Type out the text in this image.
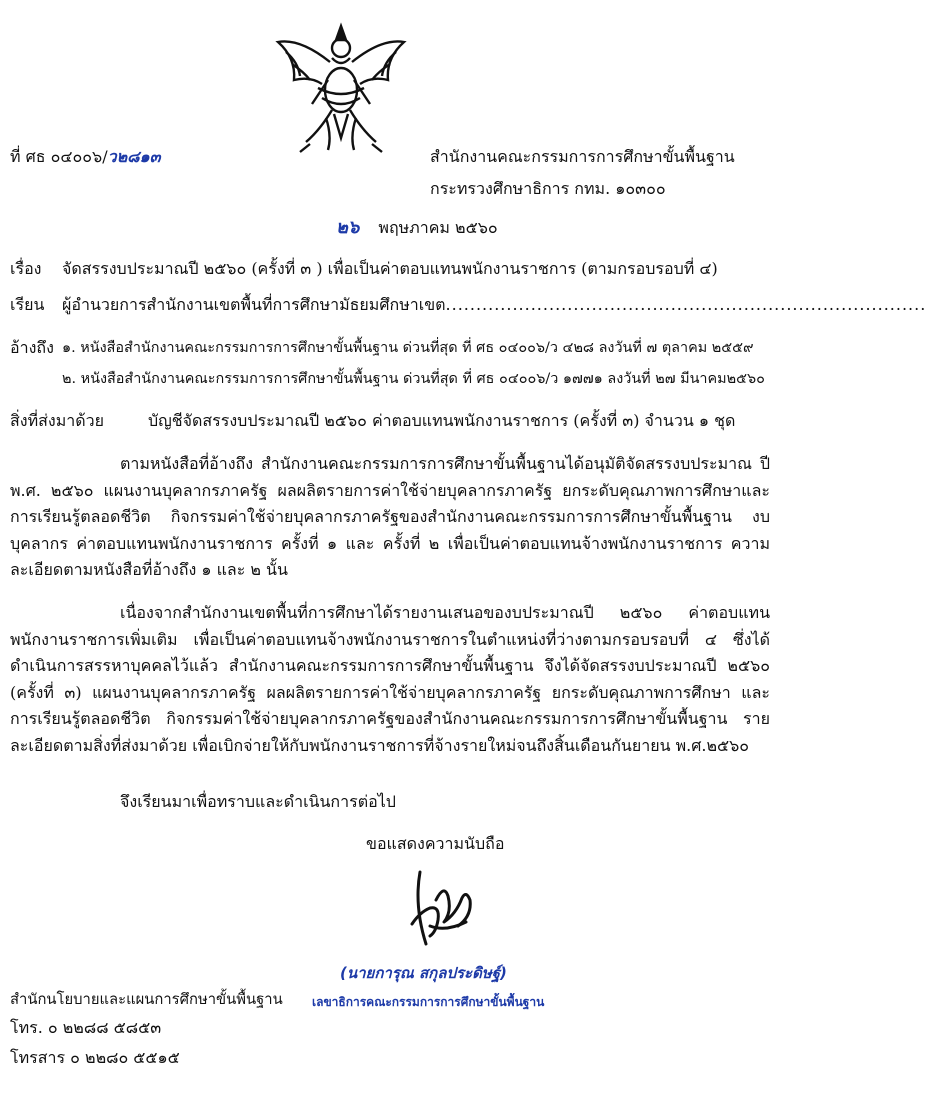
ที่ ศธ ๐๔๐๐๖/ว๒๘๑๓	สำนักงานคณะกรรมการการศึกษาขั้นพื้นฐาน
กระทรวงศึกษาธิการ กทม. ๑๐๓๐๐
๒๖ พฤษภาคม ๒๕๖๐
เรื่อง จัดสรรงบประมาณปี ๒๕๖๐ (ครั้งที่ ๓ ) เพื่อเป็นค่าตอบแทนพนักงานราชการ (ตามกรอบรอบที่ ๔)
เรียน ผู้อำนวยการสำนักงานเขตพื้นที่การศึกษามัธยมศึกษาเขต...............................................................................
อ้างถึง ๑. หนังสือสำนักงานคณะกรรมการการศึกษาขั้นพื้นฐาน ด่วนที่สุด ที่ ศธ ๐๔๐๐๖/ว ๔๒๘ ลงวันที่ ๗ ตุลาคม ๒๕๕๙
๒. หนังสือสำนักงานคณะกรรมการการศึกษาขั้นพื้นฐาน ด่วนที่สุด ที่ ศธ ๐๔๐๐๖/ว ๑๗๗๑ ลงวันที่ ๒๗ มีนาคม๒๕๖๐
สิ่งที่ส่งมาด้วย	บัญชีจัดสรรงบประมาณปี ๒๕๖๐ ค่าตอบแทนพนักงานราชการ (ครั้งที่ ๓) จำนวน ๑ ชุด
ตามหนังสือที่อ้างถึง สำนักงานคณะกรรมการการศึกษาขั้นพื้นฐานได้อนุมัติจัดสรรงบประมาณ ปี พ.ศ. ๒๕๖๐ แผนงานบุคลากรภาครัฐ ผลผลิตรายการค่าใช้จ่ายบุคลากรภาครัฐ ยกระดับคุณภาพการศึกษาและการเรียนรู้ตลอดชีวิต กิจกรรมค่าใช้จ่ายบุคลากรภาครัฐของสำนักงานคณะกรรมการการศึกษาขั้นพื้นฐาน งบบุคลากร ค่าตอบแทนพนักงานราชการ ครั้งที่ ๑ และ ครั้งที่ ๒ เพื่อเป็นค่าตอบแทนจ้างพนักงานราชการ ความละเอียดตามหนังสือที่อ้างถึง ๑ และ ๒ นั้น
เนื่องจากสำนักงานเขตพื้นที่การศึกษาได้รายงานเสนอของบประมาณปี ๒๕๖๐ ค่าตอบแทนพนักงานราชการเพิ่มเติม เพื่อเป็นค่าตอบแทนจ้างพนักงานราชการในตำแหน่งที่ว่างตามกรอบรอบที่ ๔ ซึ่งได้ดำเนินการสรรหาบุคคลไว้แล้ว สำนักงานคณะกรรมการการศึกษาขั้นพื้นฐาน จึงได้จัดสรรงบประมาณปี ๒๕๖๐ (ครั้งที่ ๓) แผนงานบุคลากรภาครัฐ ผลผลิตรายการค่าใช้จ่ายบุคลากรภาครัฐ ยกระดับคุณภาพการศึกษา และการเรียนรู้ตลอดชีวิต กิจกรรมค่าใช้จ่ายบุคลากรภาครัฐของสำนักงานคณะกรรมการการศึกษาขั้นพื้นฐาน รายละเอียดตามสิ่งที่ส่งมาด้วย เพื่อเบิกจ่ายให้กับพนักงานราชการที่จ้างรายใหม่จนถึงสิ้นเดือนกันยายน พ.ศ.๒๕๖๐
จึงเรียนมาเพื่อทราบและดำเนินการต่อไป
ขอแสดงความนับถือ
(นายการุณ สกุลประดิษฐ์)
เลขาธิการคณะกรรมการการศึกษาขั้นพื้นฐาน
สำนักนโยบายและแผนการศึกษาขั้นพื้นฐาน
โทร. ๐ ๒๒๘๘ ๕๘๕๓
โทรสาร ๐ ๒๒๘๐ ๕๕๑๕
